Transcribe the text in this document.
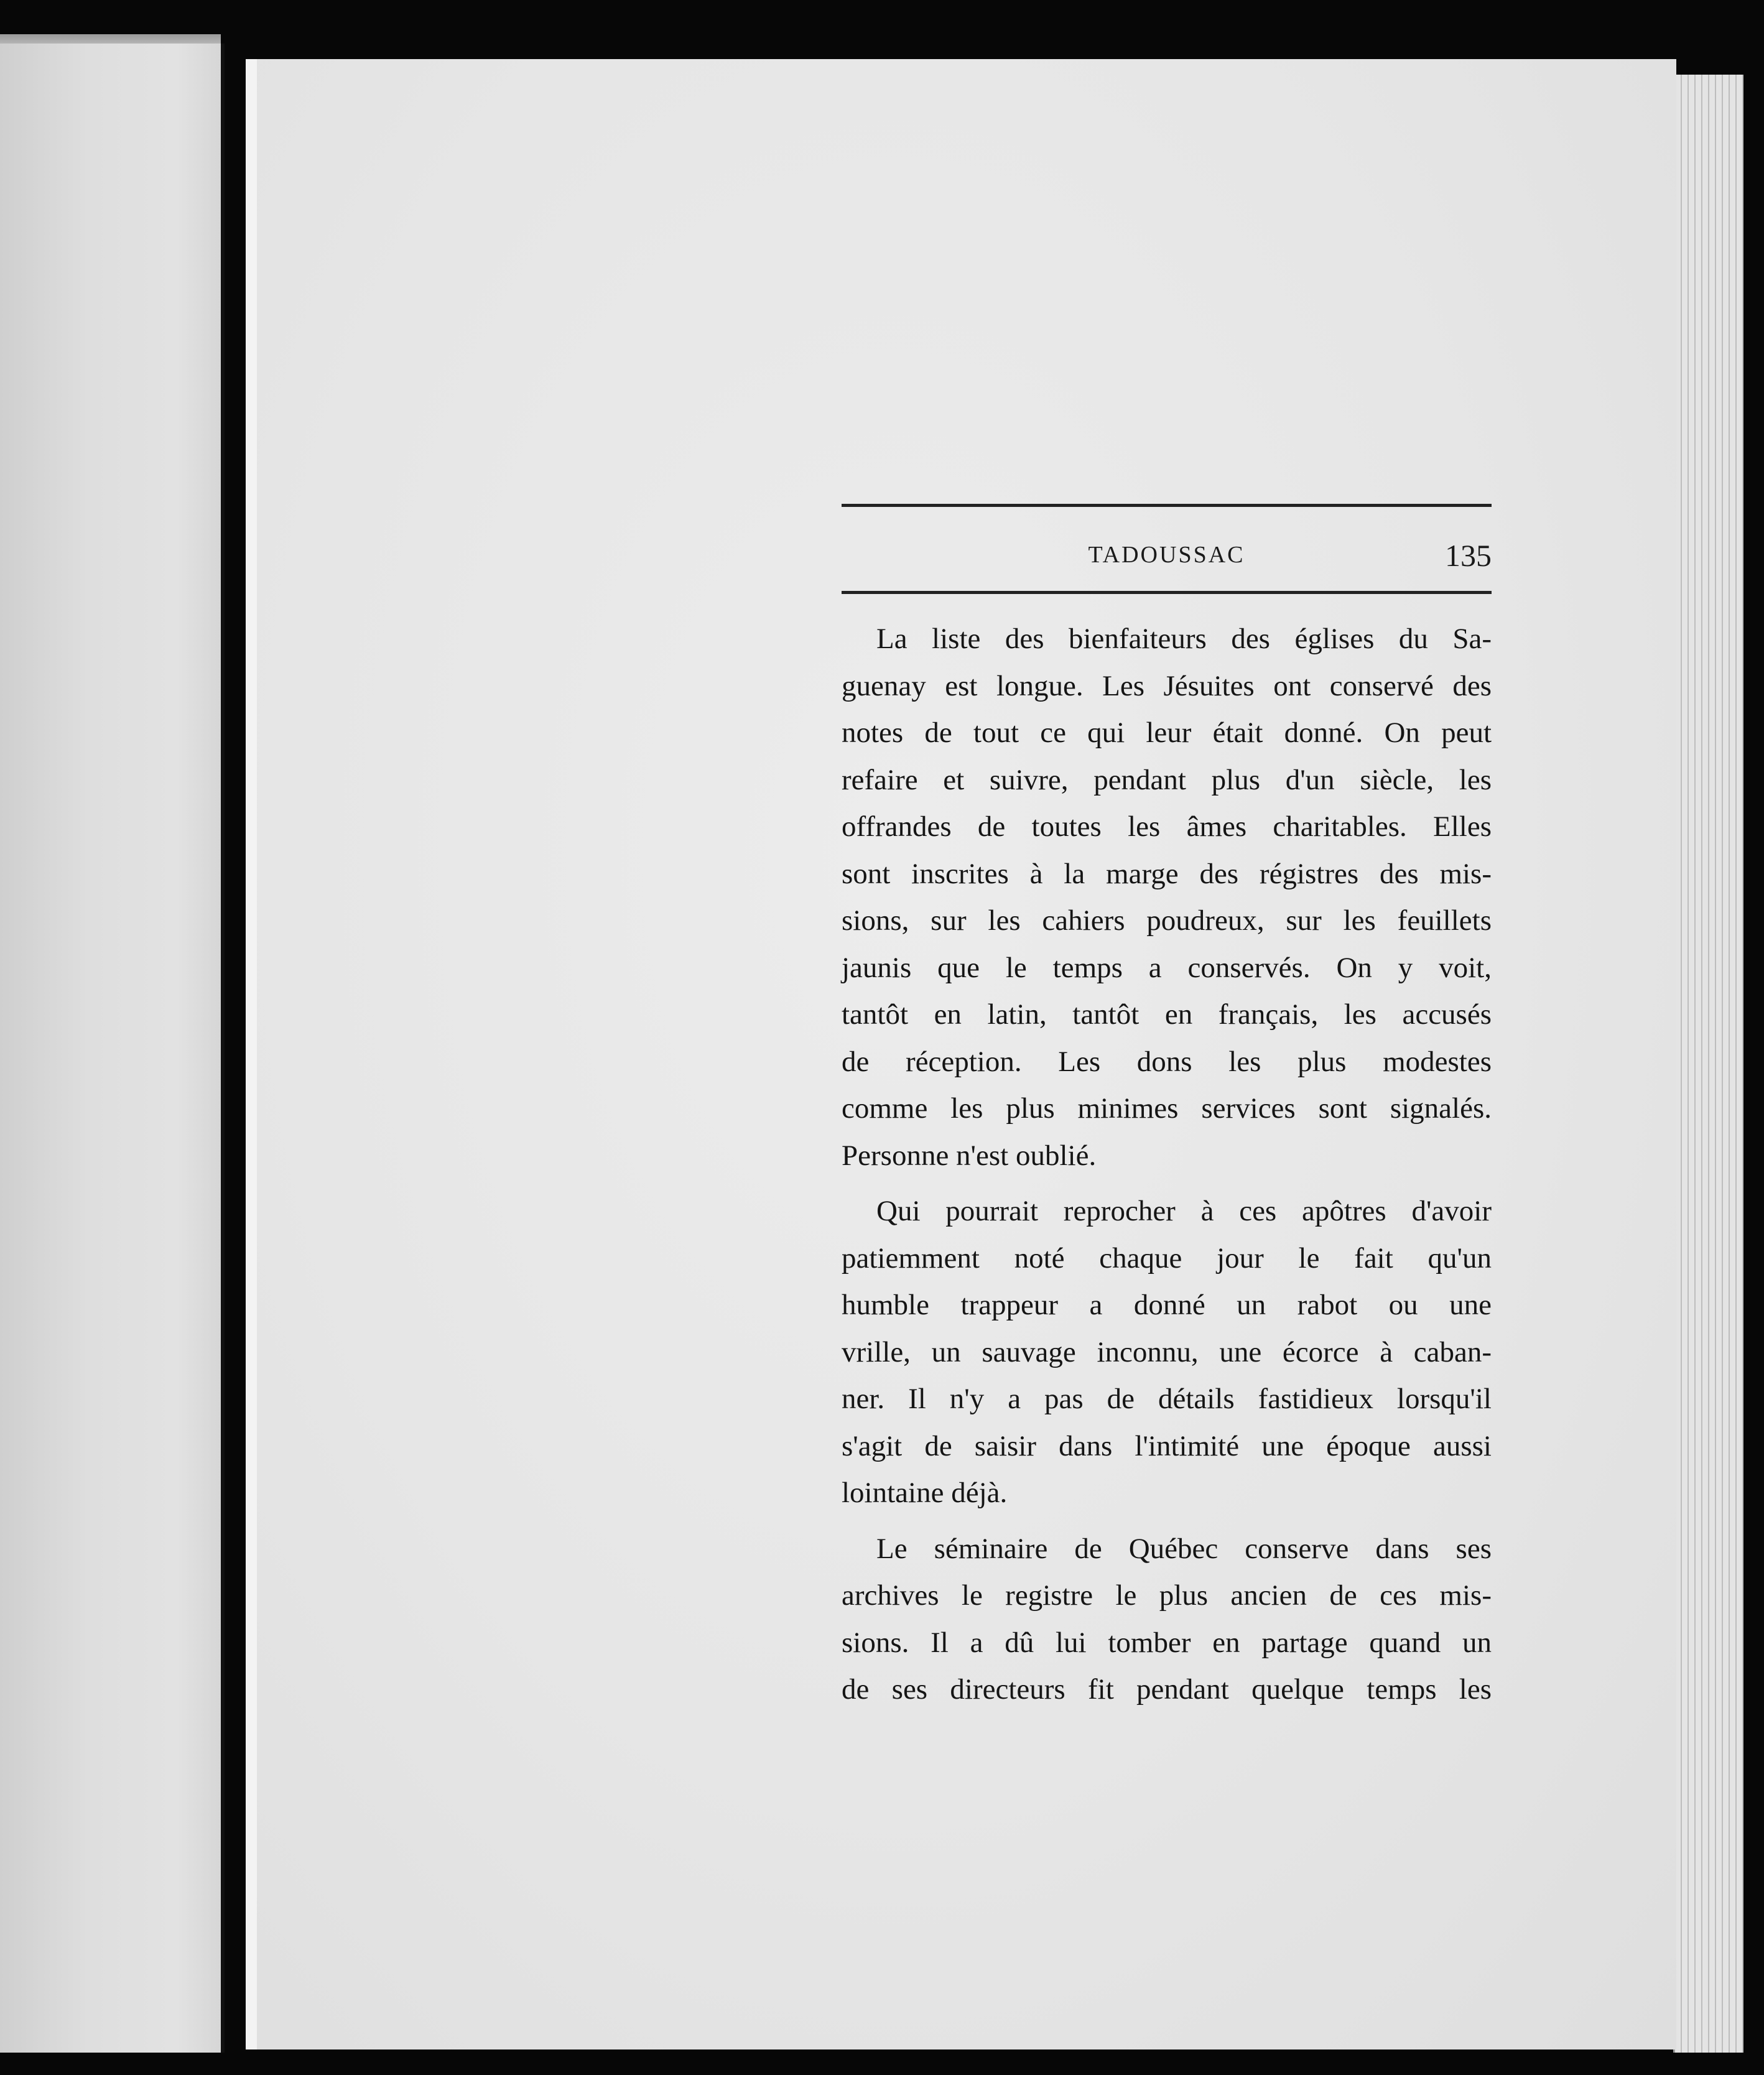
TADOUSSAC	135
La liste des bienfaiteurs des églises du Sa-
guenay est longue. Les Jésuites ont conservé des
notes de tout ce qui leur était donné. On peut
refaire et suivre, pendant plus d'un siècle, les
offrandes de toutes les âmes charitables. Elles
sont inscrites à la marge des régistres des mis-
sions, sur les cahiers poudreux, sur les feuillets
jaunis que le temps a conservés. On y voit,
tantôt en latin, tantôt en français, les accusés
de réception. Les dons les plus modestes
comme les plus minimes services sont signalés.
Personne n'est oublié.
Qui pourrait reprocher à ces apôtres d'avoir
patiemment noté chaque jour le fait qu'un
humble trappeur a donné un rabot ou une
vrille, un sauvage inconnu, une écorce à caban-
ner. Il n'y a pas de détails fastidieux lorsqu'il
s'agit de saisir dans l'intimité une époque aussi
lointaine déjà.
Le séminaire de Québec conserve dans ses
archives le registre le plus ancien de ces mis-
sions. Il a dû lui tomber en partage quand un
de ses directeurs fit pendant quelque temps les
